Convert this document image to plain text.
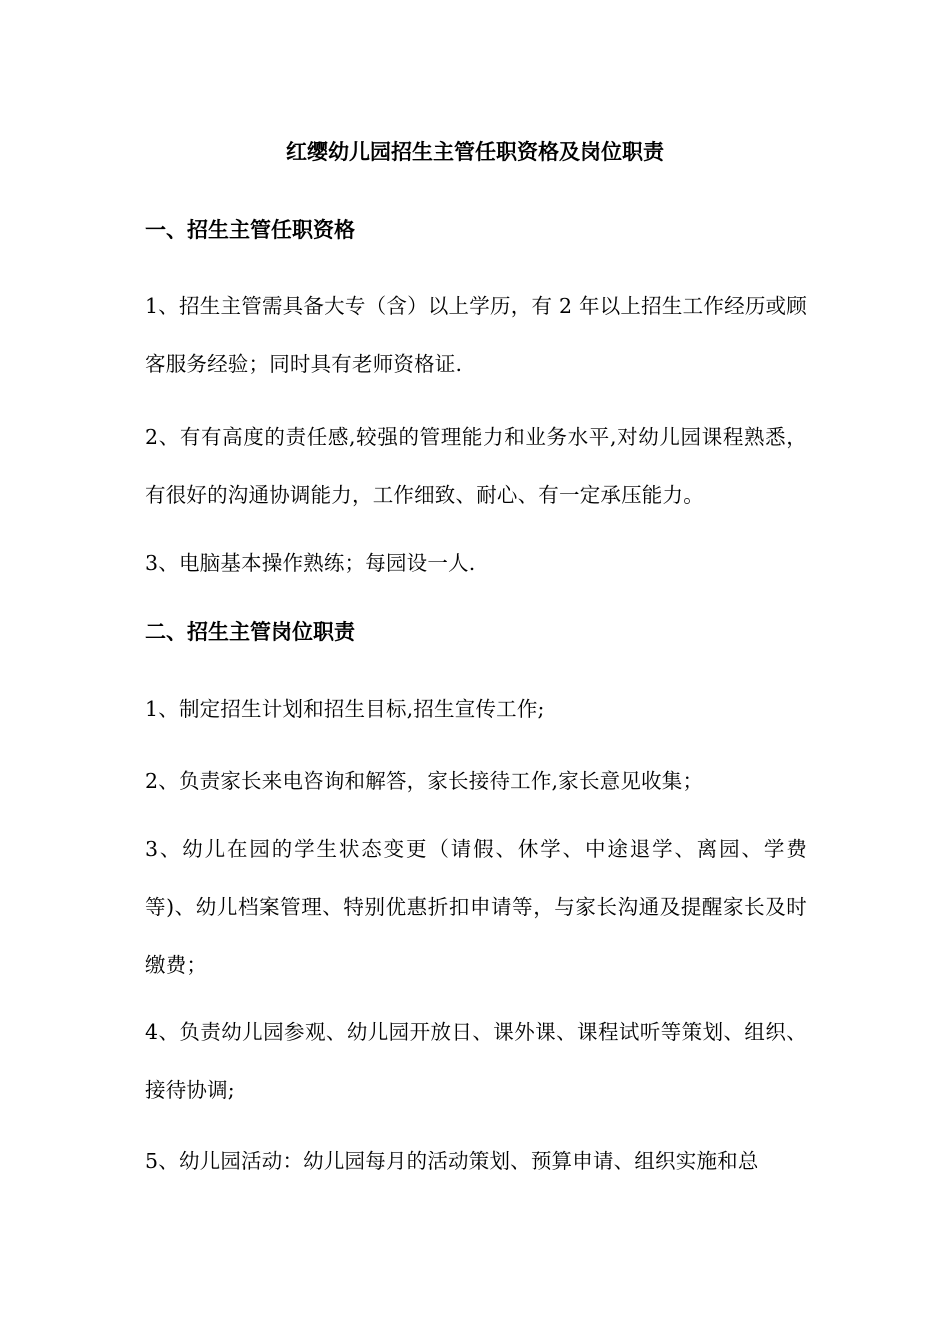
红缨幼儿园招生主管任职资格及岗位职责
一、招生主管任职资格

1、招生主管需具备大专（含）以上学历，有 2 年以上招生工作经历或顾客服务经验；同时具有老师资格证.

2、有有高度的责任感,较强的管理能力和业务水平,对幼儿园课程熟悉，有很好的沟通协调能力，工作细致、耐心、有一定承压能力。

3、电脑基本操作熟练；每园设一人.

二、招生主管岗位职责

1、制定招生计划和招生目标,招生宣传工作;

2、负责家长来电咨询和解答，家长接待工作,家长意见收集；

3、幼儿在园的学生状态变更（请假、休学、中途退学、离园、学费等)、幼儿档案管理、特别优惠折扣申请等，与家长沟通及提醒家长及时缴费；

4、负责幼儿园参观、幼儿园开放日、课外课、课程试听等策划、组织、接待协调;

5、幼儿园活动：幼儿园每月的活动策划、预算申请、组织实施和总
